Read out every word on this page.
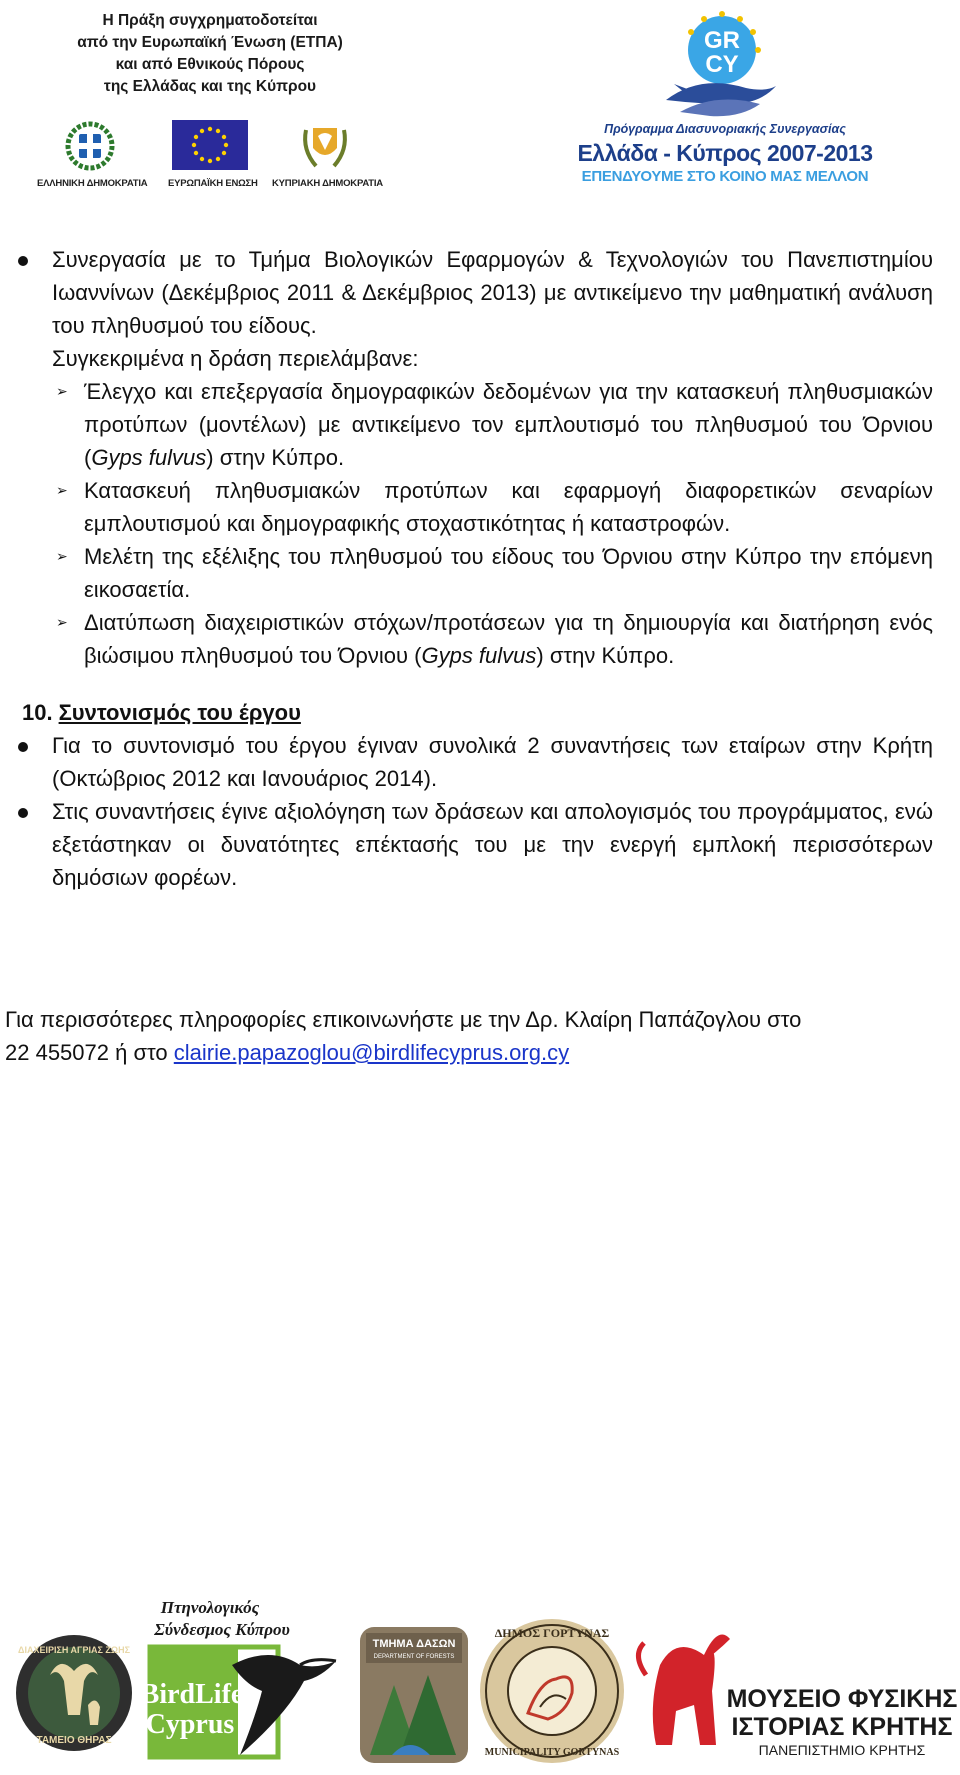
Η Πράξη συγχρηματοδοτείται
από την Ευρωπαϊκή Ένωση (ΕΤΠΑ)
και από Εθνικούς Πόρους
της Ελλάδας και της Κύπρου
ΕΛΛΗΝΙΚΗ ΔΗΜΟΚΡΑΤΙΑ ΕΥΡΩΠΑΪΚΗ ΕΝΩΣΗ ΚΥΠΡΙΑΚΗ ΔΗΜΟΚΡΑΤΙΑ
GR
CY
Πρόγραμμα Διασυνοριακής Συνεργασίας
Ελλάδα - Κύπρος 2007-2013
ΕΠΕΝΔΥΟΥΜΕ ΣΤΟ ΚΟΙΝΟ ΜΑΣ ΜΕΛΛΟΝ
Συνεργασία με το Τμήμα Βιολογικών Εφαρμογών & Τεχνολογιών του Πανεπιστημίου Ιωαννίνων (Δεκέμβριος 2011 & Δεκέμβριος 2013) με αντικείμενο την μαθηματική ανάλυση του πληθυσμού του είδους.
Συγκεκριμένα η δράση περιελάμβανε:
➢ Έλεγχο και επεξεργασία δημογραφικών δεδομένων για την κατασκευή πληθυσμιακών προτύπων (μοντέλων) με αντικείμενο τον εμπλουτισμό του πληθυσμού του Όρνιου (Gyps fulvus) στην Κύπρο.
➢ Κατασκευή πληθυσμιακών προτύπων και εφαρμογή διαφορετικών σεναρίων εμπλουτισμού και δημογραφικής στοχαστικότητας ή καταστροφών.
➢ Μελέτη της εξέλιξης του πληθυσμού του είδους του Όρνιου στην Κύπρο την επόμενη εικοσαετία.
➢ Διατύπωση διαχειριστικών στόχων/προτάσεων για τη δημιουργία και διατήρηση ενός βιώσιμου πληθυσμού του Όρνιου (Gyps fulvus) στην Κύπρο.
10. Συντονισμός του έργου
Για το συντονισμό του έργου έγιναν συνολικά 2 συναντήσεις των εταίρων στην Κρήτη (Οκτώβριος 2012 και Ιανουάριος 2014).
Στις συναντήσεις έγινε αξιολόγηση των δράσεων και απολογισμός του προγράμματος, ενώ εξετάστηκαν οι δυνατότητες επέκτασής του με την ενεργή εμπλοκή περισσότερων δημόσιων φορέων.
Για περισσότερες πληροφορίες επικοινωνήστε με την Δρ. Κλαίρη Παπάζογλου στο
22 455072 ή στο clairie.papazoglou@birdlifecyprus.org.cy
ΔΙΑΧΕΙΡΙΣΗ ΑΓΡΙΑΣ ΖΩΗΣ
ΤΑΜΕΙΟ ΘΗΡΑΣ
Πτηνολογικός
Σύνδεσμος Κύπρου
BirdLife
Cyprus
ΤΜΗΜΑ ΔΑΣΩΝ
DEPARTMENT OF FORESTS
ΔΗΜΟΣ ΓΟΡΤΥΝΑΣ
MUNICIPALITY GORTYNAS
ΜΟΥΣΕΙΟ ΦΥΣΙΚΗΣ
ΙΣΤΟΡΙΑΣ ΚΡΗΤΗΣ
ΠΑΝΕΠΙΣΤΗΜΙΟ ΚΡΗΤΗΣ
